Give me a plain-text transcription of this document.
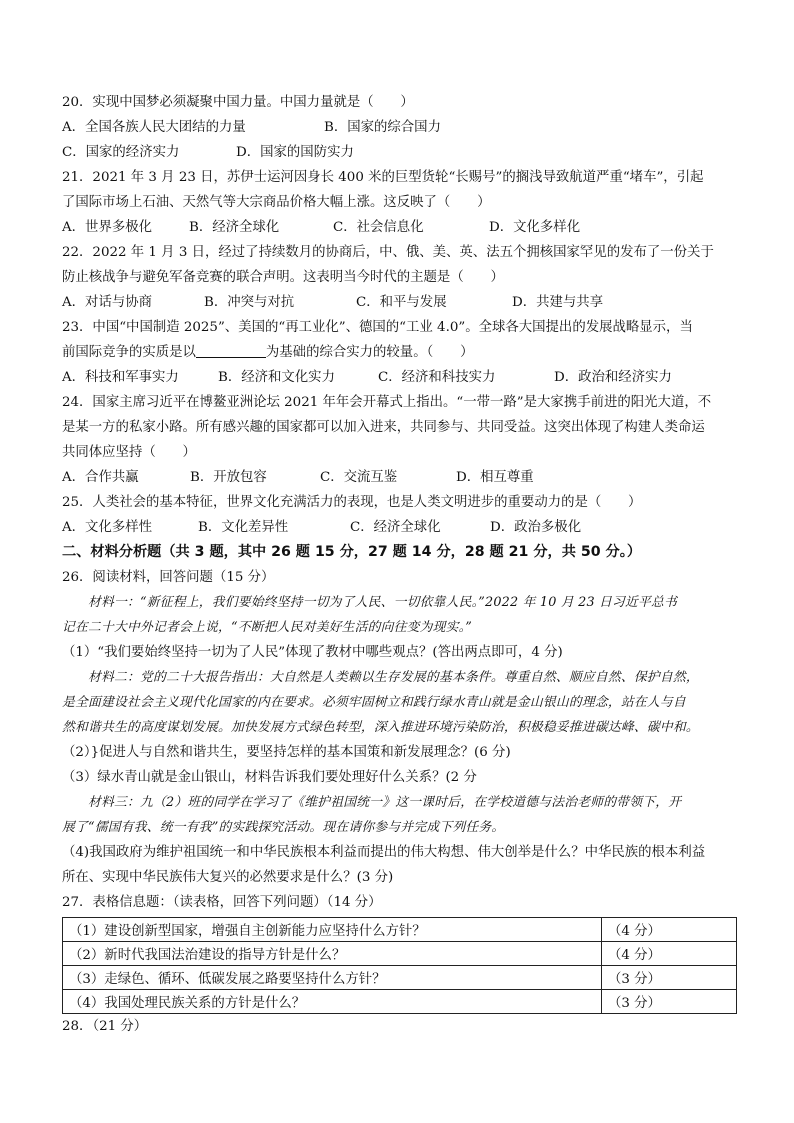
20．实现中国梦必须凝聚中国力量。中国力量就是（　　）
A．全国各族人民大团结的力量	B．国家的综合国力
C．国家的经济实力	D．国家的国防实力
21．2021 年 3 月 23 日，苏伊士运河因身长 400 米的巨型货轮“长赐号”的搁浅导致航道严重“堵车”，引起
了国际市场上石油、天然气等大宗商品价格大幅上涨。这反映了（　　）
A．世界多极化	B．经济全球化	C．社会信息化	D．文化多样化
22．2022 年 1 月 3 日，经过了持续数月的协商后，中、俄、美、英、法五个拥核国家罕见的发布了一份关于
防止核战争与避免军备竞赛的联合声明。这表明当今时代的主题是（　　）
A．对话与协商	B．冲突与对抗	C．和平与发展	D．共建与共享
23．中国“中国制造 2025”、美国的“再工业化”、德国的“工业 4.0”。全球各大国提出的发展战略显示，当
前国际竞争的实质是以	为基础的综合实力的较量。（　　）
A．科技和军事实力	B．经济和文化实力	C．经济和科技实力	D．政治和经济实力
24．国家主席习近平在博鳌亚洲论坛 2021 年年会开幕式上指出。“一带一路”是大家携手前进的阳光大道，不
是某一方的私家小路。所有感兴趣的国家都可以加入进来，共同参与、共同受益。这突出体现了构建人类命运
共同体应坚持（　　）
A．合作共赢	B．开放包容	C．交流互鉴	D．相互尊重
25．人类社会的基本特征，世界文化充满活力的表现，也是人类文明进步的重要动力的是（　　）
A．文化多样性	B．文化差异性	C．经济全球化	D．政治多极化
二、材料分析题（共 3 题，其中 26 题 15 分，27 题 14 分，28 题 21 分，共 50 分。）
26．阅读材料，回答问题（15 分）
材料一：“新征程上，我们要始终坚持一切为了人民、一切依靠人民。”2022 年 10 月 23 日习近平总书
记在二十大中外记者会上说，“不断把人民对美好生活的向往变为现实。”
（1）“我们要始终坚持一切为了人民”体现了教材中哪些观点？(答出两点即可，4 分)
材料二：党的二十大报告指出：大自然是人类赖以生存发展的基本条件。尊重自然、顺应自然、保护自然，
是全面建设社会主义现代化国家的内在要求。必须牢固树立和践行绿水青山就是金山银山的理念，站在人与自
然和谐共生的高度谋划发展。加快发展方式绿色转型，深入推进环境污染防治，积极稳妥推进碳达峰、碳中和。
（2）}促进人与自然和谐共生，要坚持怎样的基本国策和新发展理念？(6 分)
（3）绿水青山就是金山银山，材料告诉我们要处理好什么关系？(2 分
材料三：九（2）班的同学在学习了《维护祖国统一》这一课时后，在学校道德与法治老师的带领下，开
展了“儒国有我、统一有我”的实践探究活动。现在请你参与并完成下列任务。
（4)我国政府为维护祖国统一和中华民族根本利益而提出的伟大构想、伟大创举是什么？中华民族的根本利益
所在、实现中华民族伟大复兴的必然要求是什么？(3 分)
27．表格信息题：（读表格，回答下列问题）（14 分）
（1）建设创新型国家，增强自主创新能力应坚持什么方针？	（4 分）
（2）新时代我国法治建设的指导方针是什么？	（4 分）
（3）走绿色、循环、低碳发展之路要坚持什么方针？	（3 分）
（4）我国处理民族关系的方针是什么？	（3 分）
28．（21 分）
